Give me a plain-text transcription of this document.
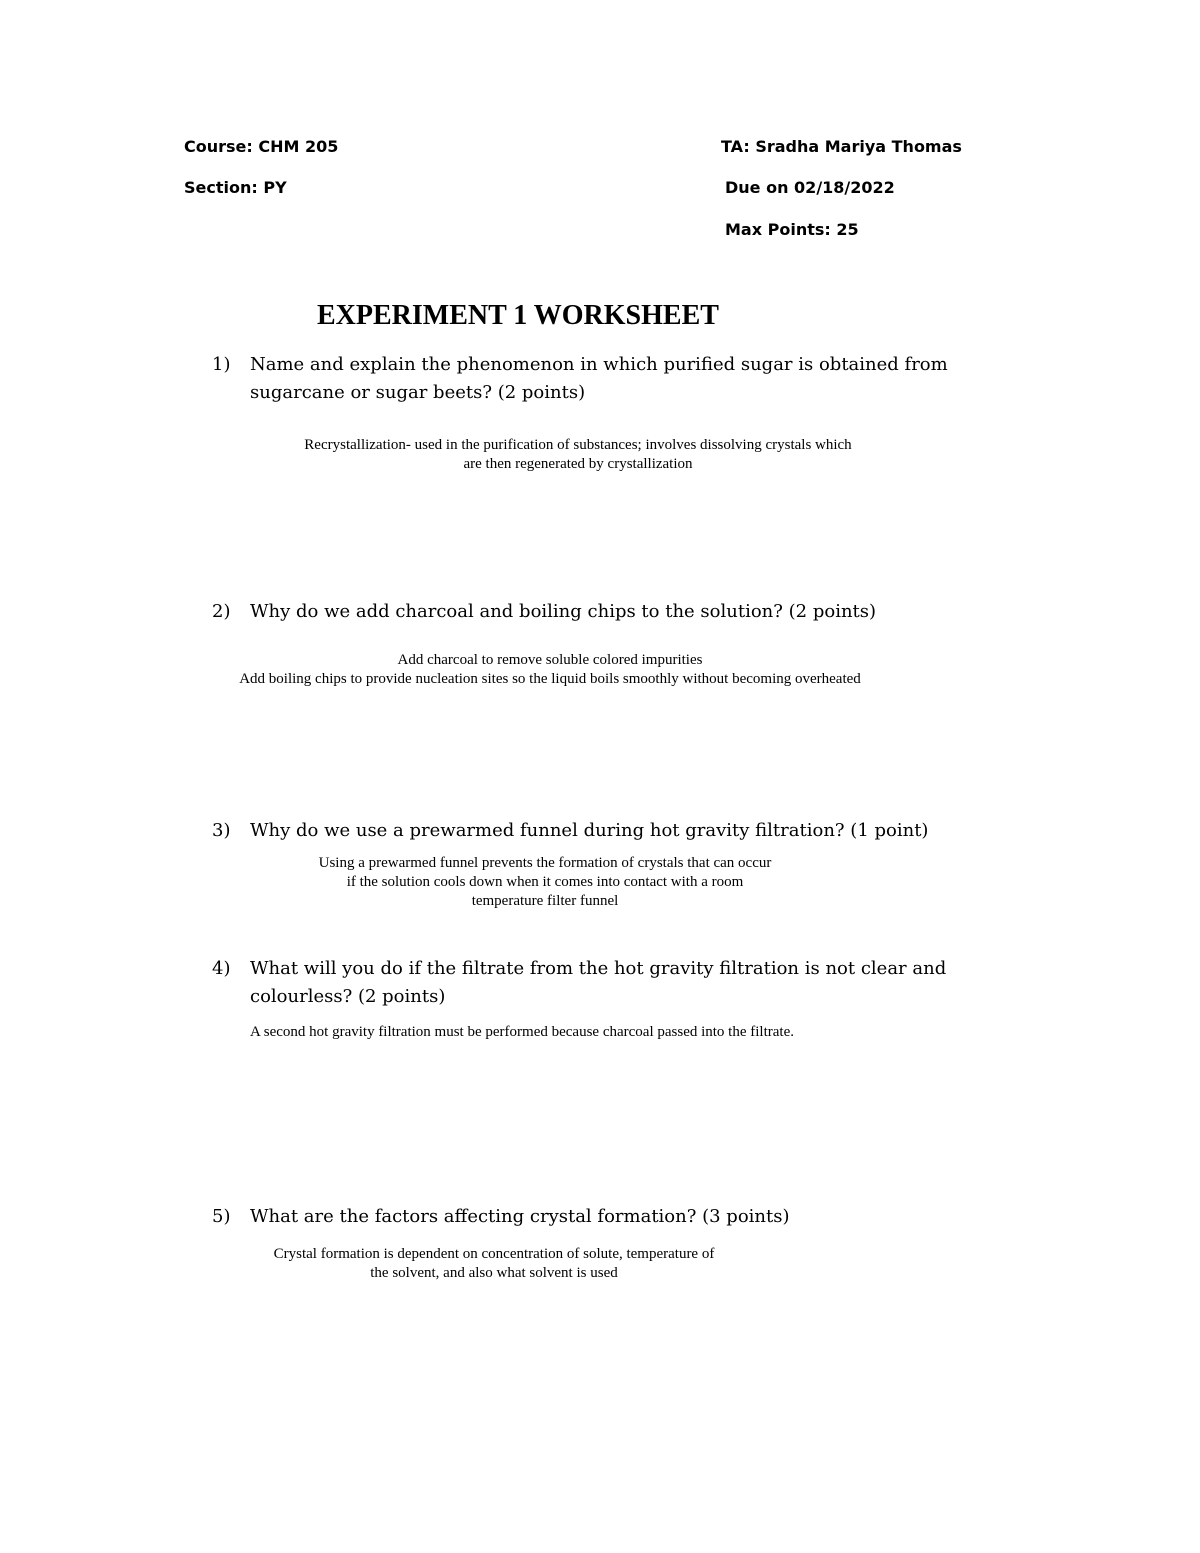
Course: CHM 205
Section: PY
TA: Sradha Mariya Thomas
Due on 02/18/2022
Max Points: 25
EXPERIMENT 1 WORKSHEET
1)	Name and explain the phenomenon in which purified sugar is obtained from sugarcane or sugar beets? (2 points)
Recrystallization- used in the purification of substances; involves dissolving crystals which
are then regenerated by crystallization
2)	Why do we add charcoal and boiling chips to the solution? (2 points)
Add charcoal to remove soluble colored impurities
Add boiling chips to provide nucleation sites so the liquid boils smoothly without becoming overheated
3)	Why do we use a prewarmed funnel during hot gravity filtration? (1 point)
Using a prewarmed funnel prevents the formation of crystals that can occur
if the solution cools down when it comes into contact with a room
temperature filter funnel
4)	What will you do if the filtrate from the hot gravity filtration is not clear and colourless? (2 points)
A second hot gravity filtration must be performed because charcoal passed into the filtrate.
5)	What are the factors affecting crystal formation? (3 points)
Crystal formation is dependent on concentration of solute, temperature of
the solvent, and also what solvent is used
